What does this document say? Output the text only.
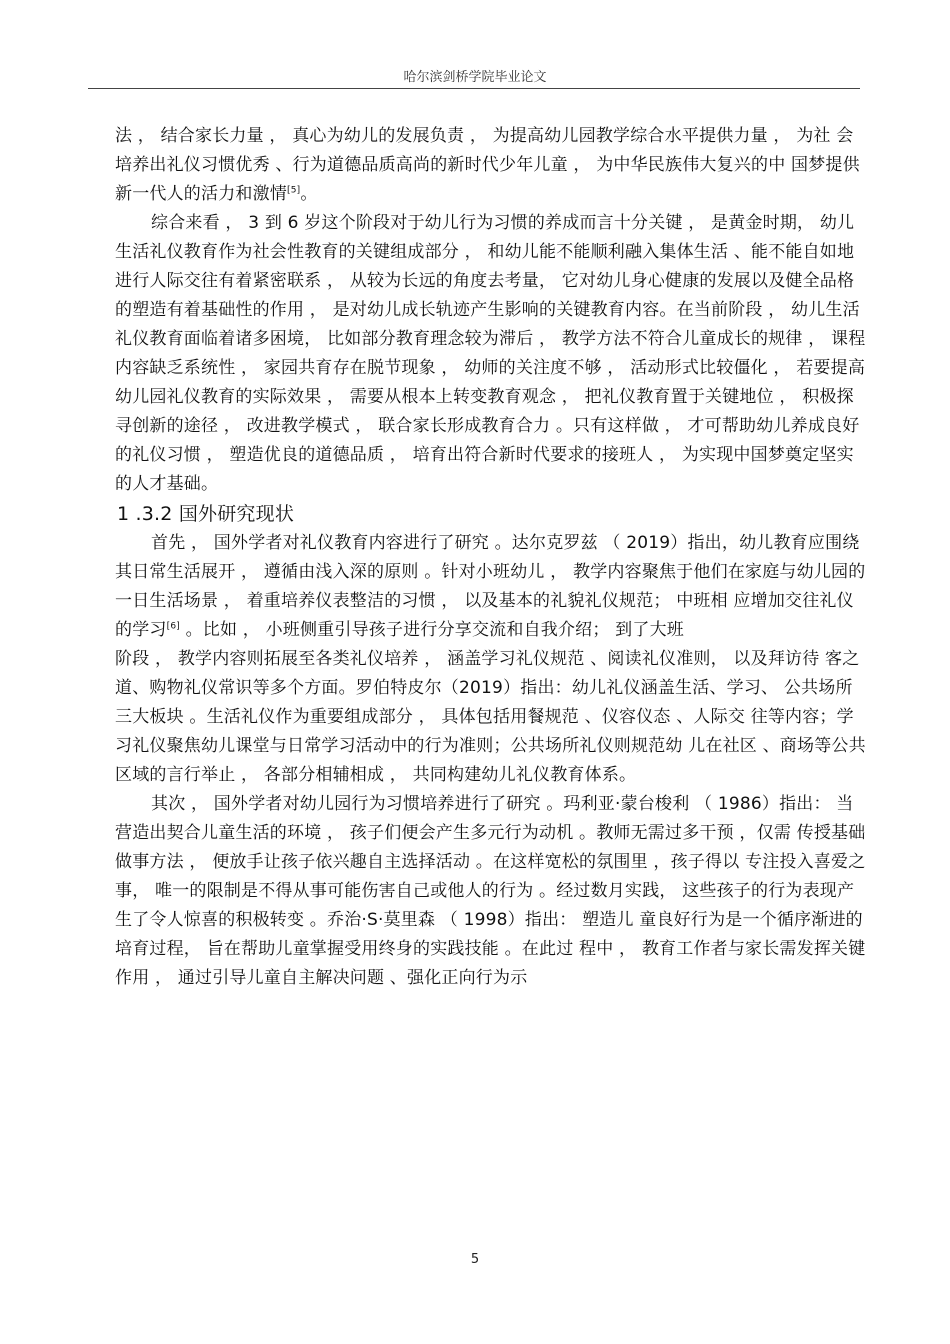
哈尔滨剑桥学院毕业论文

法 ， 结合家长力量 ， 真心为幼儿的发展负责 ， 为提高幼儿园教学综合水平提供力量 ， 为社 会培养出礼仪习惯优秀 、行为道德品质高尚的新时代少年儿童 ， 为中华民族伟大复兴的中 国梦提供新一代人的活力和激情[5]。

综合来看 ， 3 到 6 岁这个阶段对于幼儿行为习惯的养成而言十分关键 ， 是黄金时期， 幼儿生活礼仪教育作为社会性教育的关键组成部分 ， 和幼儿能不能顺利融入集体生活 、能不能自如地进行人际交往有着紧密联系 ， 从较为长远的角度去考量， 它对幼儿身心健康的发展以及健全品格的塑造有着基础性的作用 ， 是对幼儿成长轨迹产生影响的关键教育内容。在当前阶段 ， 幼儿生活礼仪教育面临着诸多困境， 比如部分教育理念较为滞后 ， 教学方法不符合儿童成长的规律 ， 课程内容缺乏系统性 ， 家园共育存在脱节现象 ， 幼师的关注度不够 ， 活动形式比较僵化 ， 若要提高幼儿园礼仪教育的实际效果 ， 需要从根本上转变教育观念 ， 把礼仪教育置于关键地位 ， 积极探寻创新的途径 ， 改进教学模式 ， 联合家长形成教育合力 。只有这样做 ， 才可帮助幼儿养成良好的礼仪习惯 ， 塑造优良的道德品质 ， 培育出符合新时代要求的接班人 ， 为实现中国梦奠定坚实的人才基础。

1 .3.2 国外研究现状

首先 ， 国外学者对礼仪教育内容进行了研究 。达尔克罗兹 （ 2019）指出，幼儿教育应围绕其日常生活展开 ， 遵循由浅入深的原则 。针对小班幼儿 ， 教学内容聚焦于他们在家庭与幼儿园的一日生活场景 ， 着重培养仪表整洁的习惯 ， 以及基本的礼貌礼仪规范； 中班相 应增加交往礼仪的学习[6] 。比如 ， 小班侧重引导孩子进行分享交流和自我介绍； 到了大班

阶段 ， 教学内容则拓展至各类礼仪培养 ， 涵盖学习礼仪规范 、阅读礼仪准则， 以及拜访待 客之道、购物礼仪常识等多个方面。罗伯特皮尔（2019）指出：幼儿礼仪涵盖生活、学习、 公共场所三大板块 。生活礼仪作为重要组成部分 ， 具体包括用餐规范 、仪容仪态 、人际交 往等内容；学习礼仪聚焦幼儿课堂与日常学习活动中的行为准则；公共场所礼仪则规范幼 儿在社区 、商场等公共区域的言行举止 ， 各部分相辅相成 ， 共同构建幼儿礼仪教育体系。

其次 ， 国外学者对幼儿园行为习惯培养进行了研究 。玛利亚·蒙台梭利 （ 1986）指出： 当营造出契合儿童生活的环境 ， 孩子们便会产生多元行为动机 。教师无需过多干预 ，仅需 传授基础做事方法 ， 便放手让孩子依兴趣自主选择活动 。在这样宽松的氛围里 ，孩子得以 专注投入喜爱之事， 唯一的限制是不得从事可能伤害自己或他人的行为 。经过数月实践， 这些孩子的行为表现产生了令人惊喜的积极转变 。乔治·S·莫里森 （ 1998）指出： 塑造儿 童良好行为是一个循序渐进的培育过程， 旨在帮助儿童掌握受用终身的实践技能 。在此过 程中 ， 教育工作者与家长需发挥关键作用 ， 通过引导儿童自主解决问题 、强化正向行为示

5
